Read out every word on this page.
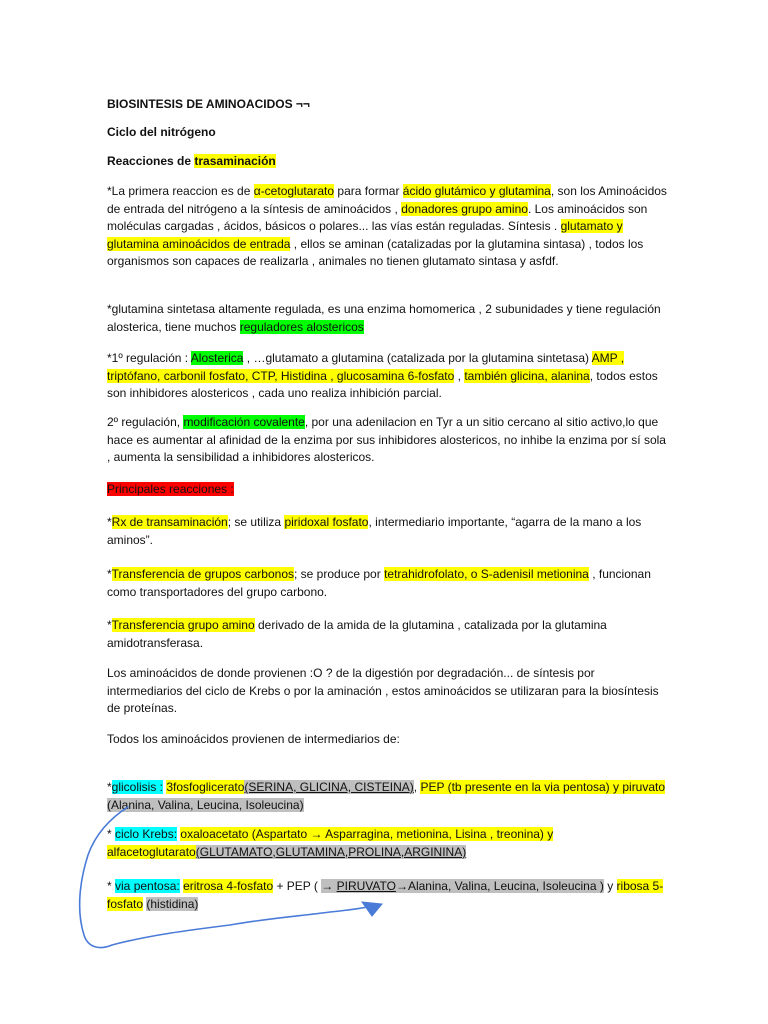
BIOSINTESIS DE AMINOACIDOS ¬¬

Ciclo del nitrógeno

Reacciones de trasaminación

*La primera reaccion es de α-cetoglutarato para formar ácido glutámico y glutamina, son los Aminoácidos de entrada del nitrógeno a la síntesis de aminoácidos , donadores grupo amino. Los aminoácidos son moléculas cargadas , ácidos, básicos o polares... las vías están reguladas. Síntesis . glutamato y glutamina aminoácidos de entrada , ellos se aminan (catalizadas por la glutamina sintasa) , todos los organismos son capaces de realizarla , animales no tienen glutamato sintasa y asfdf.

*glutamina sintetasa altamente regulada, es una enzima homomerica , 2 subunidades y tiene regulación alosterica, tiene muchos reguladores alostericos

*1º regulación : Alosterica , …glutamato a glutamina (catalizada por la glutamina sintetasa) AMP , triptófano, carbonil fosfato, CTP, Histidina , glucosamina 6-fosfato , también glicina, alanina, todos estos son inhibidores alostericos , cada uno realiza inhibición parcial.

2º regulación, modificación covalente, por una adenilacion en Tyr a un sitio cercano al sitio activo,lo que hace es aumentar al afinidad de la enzima por sus inhibidores alostericos, no inhibe la enzima por sí sola , aumenta la sensibilidad a inhibidores alostericos.

Principales reacciones :

*Rx de transaminación; se utiliza piridoxal fosfato, intermediario importante, “agarra de la mano a los aminos”.

*Transferencia de grupos carbonos; se produce por tetrahidrofolato, o S-adenisil metionina , funcionan como transportadores del grupo carbono.

*Transferencia grupo amino derivado de la amida de la glutamina , catalizada por la glutamina amidotransferasa.

Los aminoácidos de donde provienen :O ? de la digestión por degradación... de síntesis por intermediarios del ciclo de Krebs o por la aminación , estos aminoácidos se utilizaran para la biosíntesis de proteínas.

Todos los aminoácidos provienen de intermediarios de:

*glicolisis : 3fosfoglicerato(SERINA, GLICINA, CISTEINA), PEP (tb presente en la via pentosa) y piruvato (Alanina, Valina, Leucina, Isoleucina)

* ciclo Krebs: oxaloacetato (Aspartato → Asparragina, metionina, Lisina , treonina) y alfacetoglutarato(GLUTAMATO,GLUTAMINA,PROLINA,ARGININA)

* via pentosa: eritrosa 4-fosfato + PEP ( → PIRUVATO→Alanina, Valina, Leucina, Isoleucina ) y ribosa 5-fosfato (histidina)
